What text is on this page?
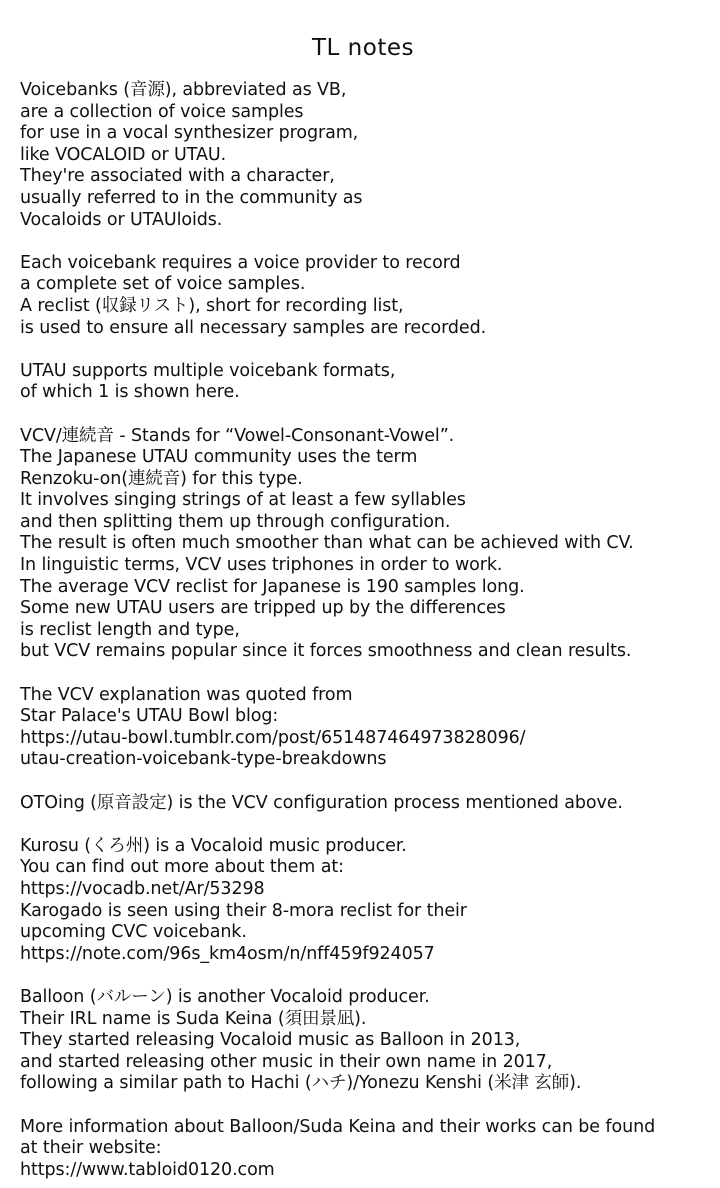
TL notes
Voicebanks (音源), abbreviated as VB,
are a collection of voice samples
for use in a vocal synthesizer program,
like VOCALOID or UTAU.
They're associated with a character,
usually referred to in the community as
Vocaloids or UTAUloids.
Each voicebank requires a voice provider to record
a complete set of voice samples.
A reclist (収録リスト), short for recording list,
is used to ensure all necessary samples are recorded.
UTAU supports multiple voicebank formats,
of which 1 is shown here.
VCV/連続音 - Stands for “Vowel-Consonant-Vowel”.
The Japanese UTAU community uses the term
Renzoku-on(連続音) for this type.
It involves singing strings of at least a few syllables
and then splitting them up through configuration.
The result is often much smoother than what can be achieved with CV.
In linguistic terms, VCV uses triphones in order to work.
The average VCV reclist for Japanese is 190 samples long.
Some new UTAU users are tripped up by the differences
is reclist length and type,
but VCV remains popular since it forces smoothness and clean results.
The VCV explanation was quoted from
Star Palace's UTAU Bowl blog:
https://utau-bowl.tumblr.com/post/651487464973828096/
utau-creation-voicebank-type-breakdowns
OTOing (原音設定) is the VCV configuration process mentioned above.
Kurosu (くろ州) is a Vocaloid music producer.
You can find out more about them at:
https://vocadb.net/Ar/53298
Karogado is seen using their 8-mora reclist for their
upcoming CVC voicebank.
https://note.com/96s_km4osm/n/nff459f924057
Balloon (バルーン) is another Vocaloid producer.
Their IRL name is Suda Keina (須田景凪).
They started releasing Vocaloid music as Balloon in 2013,
and started releasing other music in their own name in 2017,
following a similar path to Hachi (ハチ)/Yonezu Kenshi (米津 玄師).
More information about Balloon/Suda Keina and their works can be found
at their website:
https://www.tabloid0120.com
